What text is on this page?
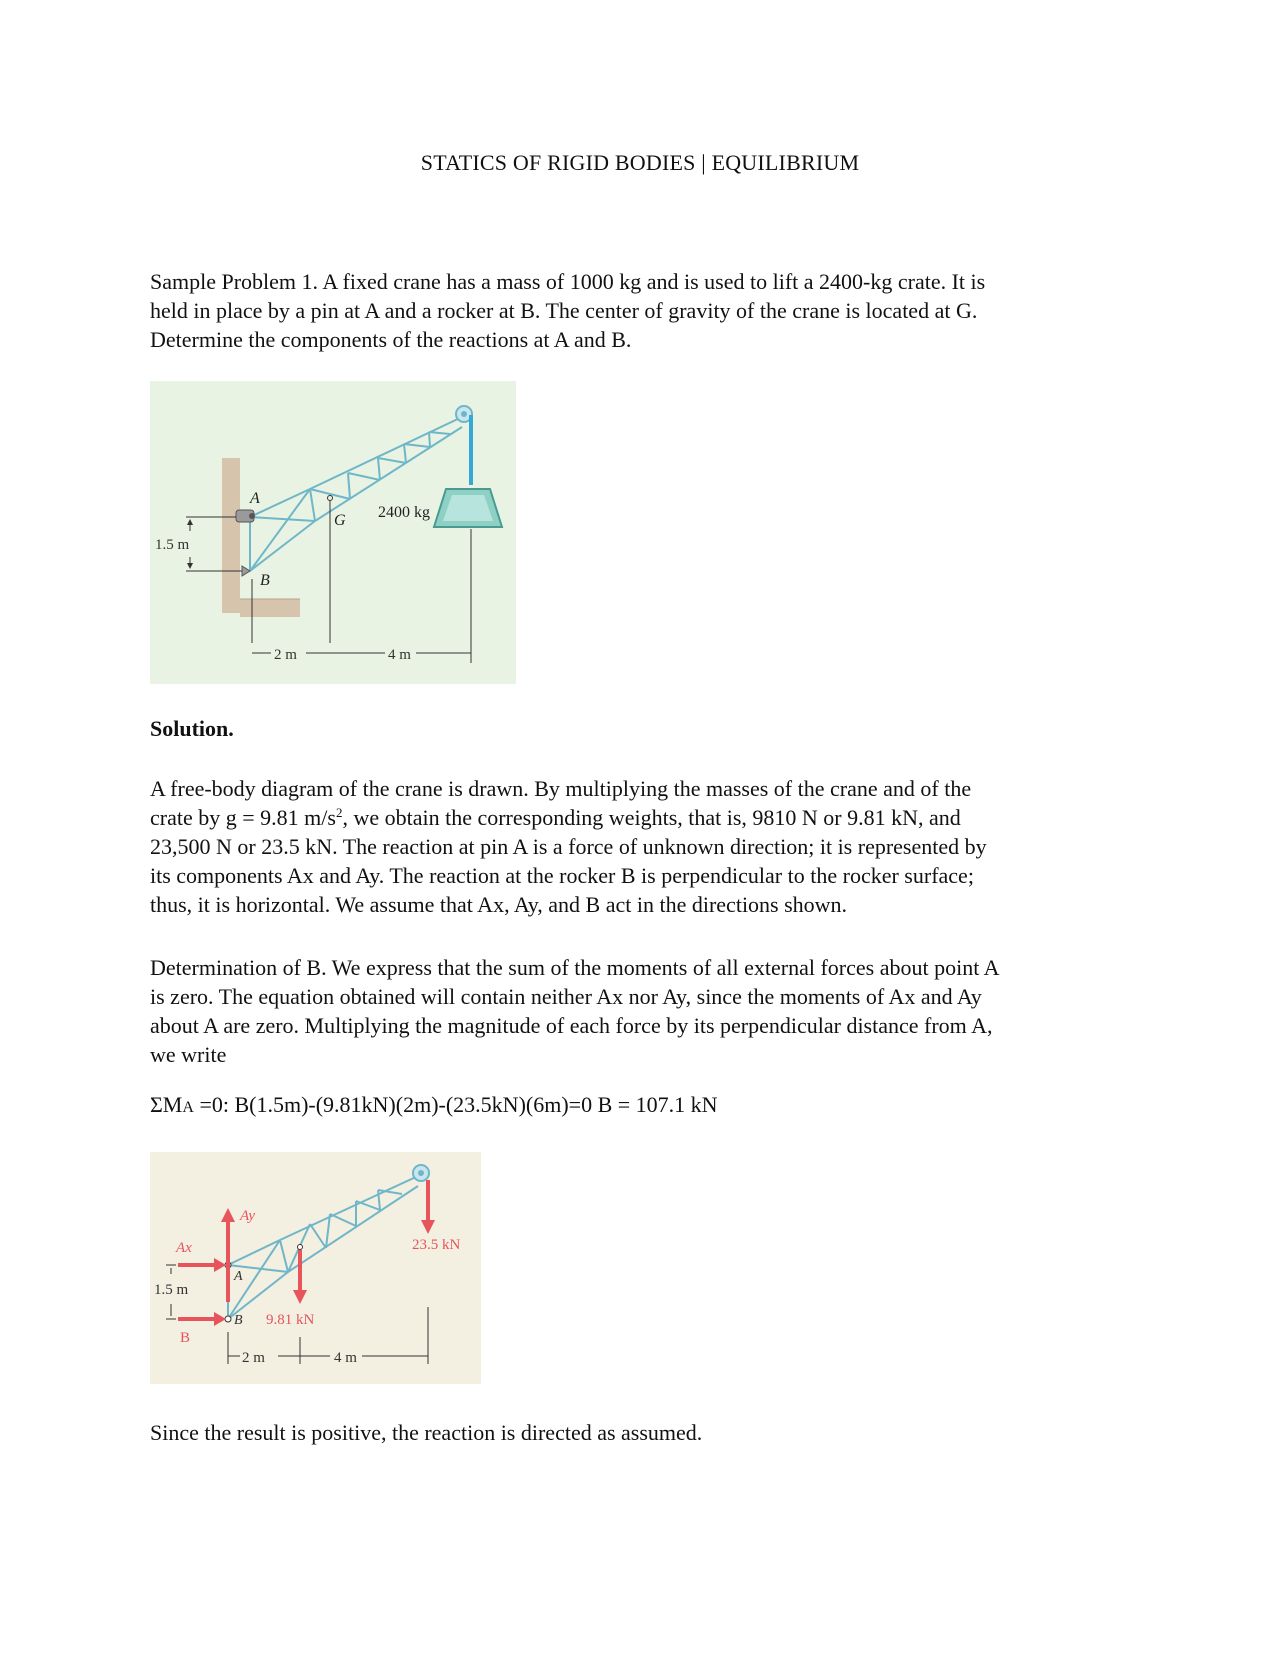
STATICS OF RIGID BODIES | EQUILIBRIUM
Sample Problem 1. A fixed crane has a mass of 1000 kg and is used to lift a 2400-kg crate. It is
held in place by a pin at A and a rocker at B. The center of gravity of the crane is located at G.
Determine the components of the reactions at A and B.
1.5 m
2 m	4 m
A
B
G 2400 kg
Solution.
A free-body diagram of the crane is drawn. By multiplying the masses of the crane and of the
crate by g = 9.81 $m/s^2$, we obtain the corresponding weights, that is, 9810 N or 9.81 kN, and
23,500 N or 23.5 kN. The reaction at pin A is a force of unknown direction; it is represented by
its components Ax and Ay. The reaction at the rocker B is perpendicular to the rocker surface;
thus, it is horizontal. We assume that Ax, Ay, and B act in the directions shown.
Determination of B. We express that the sum of the moments of all external forces about point A
is zero. The equation obtained will contain neither Ax nor Ay, since the moments of Ax and Ay
about A are zero. Multiplying the magnitude of each force by its perpendicular distance from A,
we write
ΣMA =0: B(1.5m)-(9.81kN)(2m)-(23.5kN)(6m)=0 B = 107.1 kN
1.5 m
2 m	4 m
Ax
Ay
A
B
B
9.81 kN
23.5 kN
Since the result is positive, the reaction is directed as assumed.
